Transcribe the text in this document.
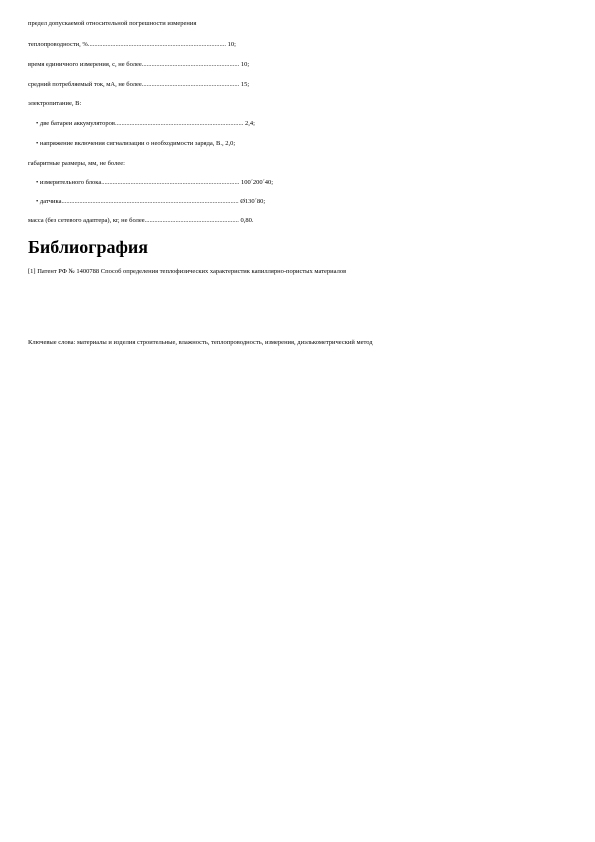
предел допускаемой относительной погрешности измерения
теплопроводности, %..................................................................................... 10;
время единичного измерения, с, не более............................................................ 10;
средний потребляемый ток, мА, не более............................................................ 15;
электропитание, В:
• две батареи аккумуляторов............................................................................... 2,4;
• напряжение включения сигнализации о необходимости заряда, В., 2,0;
габаритные размеры, мм, не более:
• измерительного блока..................................................................................... 100´200´40;
• датчика............................................................................................................. Ø130´80;
масса (без сетевого адаптера), кг, не более.......................................................... 0,80.
Библиография
[1] Патент РФ № 1400788 Способ определения теплофизических характеристик капиллярно-пористых материалов
Ключевые слова: материалы и изделия строительные, влажность, теплопроводность, измерения, диэлькометрический метод
